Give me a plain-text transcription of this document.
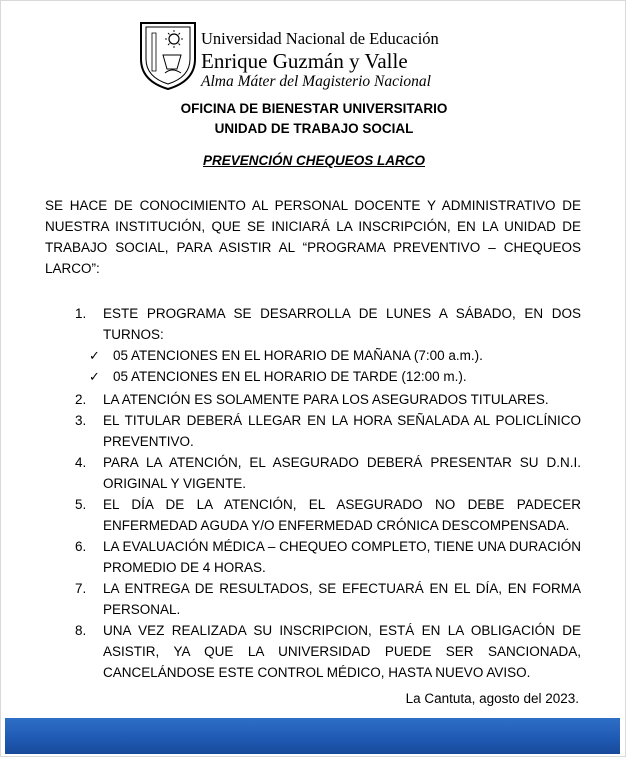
Universidad Nacional de Educación
Enrique Guzmán y Valle
Alma Máter del Magisterio Nacional
OFICINA DE BIENESTAR UNIVERSITARIO
UNIDAD DE TRABAJO SOCIAL
PREVENCIÓN CHEQUEOS LARCO
SE HACE DE CONOCIMIENTO AL PERSONAL DOCENTE Y ADMINISTRATIVO DE NUESTRA INSTITUCIÓN, QUE SE INICIARÁ LA INSCRIPCIÓN, EN LA UNIDAD DE TRABAJO SOCIAL, PARA ASISTIR AL “PROGRAMA PREVENTIVO – CHEQUEOS LARCO”:
1. ESTE PROGRAMA SE DESARROLLA DE LUNES A SÁBADO, EN DOS TURNOS:
✓ 05 ATENCIONES EN EL HORARIO DE MAÑANA (7:00 a.m.).
✓ 05 ATENCIONES EN EL HORARIO DE TARDE (12:00 m.).
2. LA ATENCIÓN ES SOLAMENTE PARA LOS ASEGURADOS TITULARES.
3. EL TITULAR DEBERÁ LLEGAR EN LA HORA SEÑALADA AL POLICLÍNICO PREVENTIVO.
4. PARA LA ATENCIÓN, EL ASEGURADO DEBERÁ PRESENTAR SU D.N.I. ORIGINAL Y VIGENTE.
5. EL DÍA DE LA ATENCIÓN, EL ASEGURADO NO DEBE PADECER ENFERMEDAD AGUDA Y/O ENFERMEDAD CRÓNICA DESCOMPENSADA.
6. LA EVALUACIÓN MÉDICA – CHEQUEO COMPLETO, TIENE UNA DURACIÓN PROMEDIO DE 4 HORAS.
7. LA ENTREGA DE RESULTADOS, SE EFECTUARÁ EN EL DÍA, EN FORMA PERSONAL.
8. UNA VEZ REALIZADA SU INSCRIPCION, ESTÁ EN LA OBLIGACIÓN DE ASISTIR, YA QUE LA UNIVERSIDAD PUEDE SER SANCIONADA, CANCELÁNDOSE ESTE CONTROL MÉDICO, HASTA NUEVO AVISO.
La Cantuta, agosto del 2023.
